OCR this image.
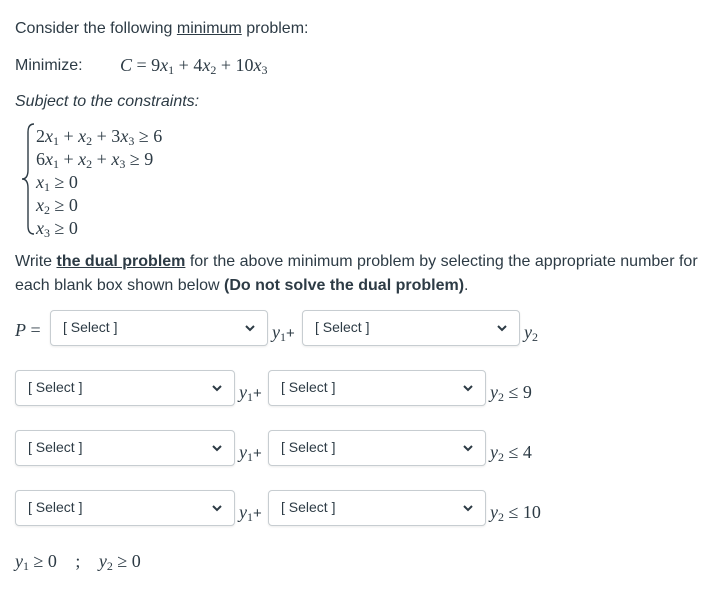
Consider the following minimum problem:
Minimize: $C = 9x_1 + 4x_2 + 10x_3$
Subject to the constraints:
$2x_1 + x_2 + 3x_3 \ge 6$
$6x_1 + x_2 + x_3 \ge 9$
$x_1 \ge 0$
$x_2 \ge 0$
$x_3 \ge 0$
Write the dual problem for the above minimum problem by selecting the appropriate number for
each blank box shown below (Do not solve the dual problem).
P = [ Select ]	$y_1+$ [ Select ]	$y_2$
[ Select ]	$y_1+$ [ Select ]	$y_2 \le 9$
[ Select ]	$y_1+$ [ Select ]	$y_2 \le 4$
[ Select ]	$y_1+$ [ Select ]	$y_2 \le 10$
$y_1 \ge 0$ ; $y_2 \ge 0$
